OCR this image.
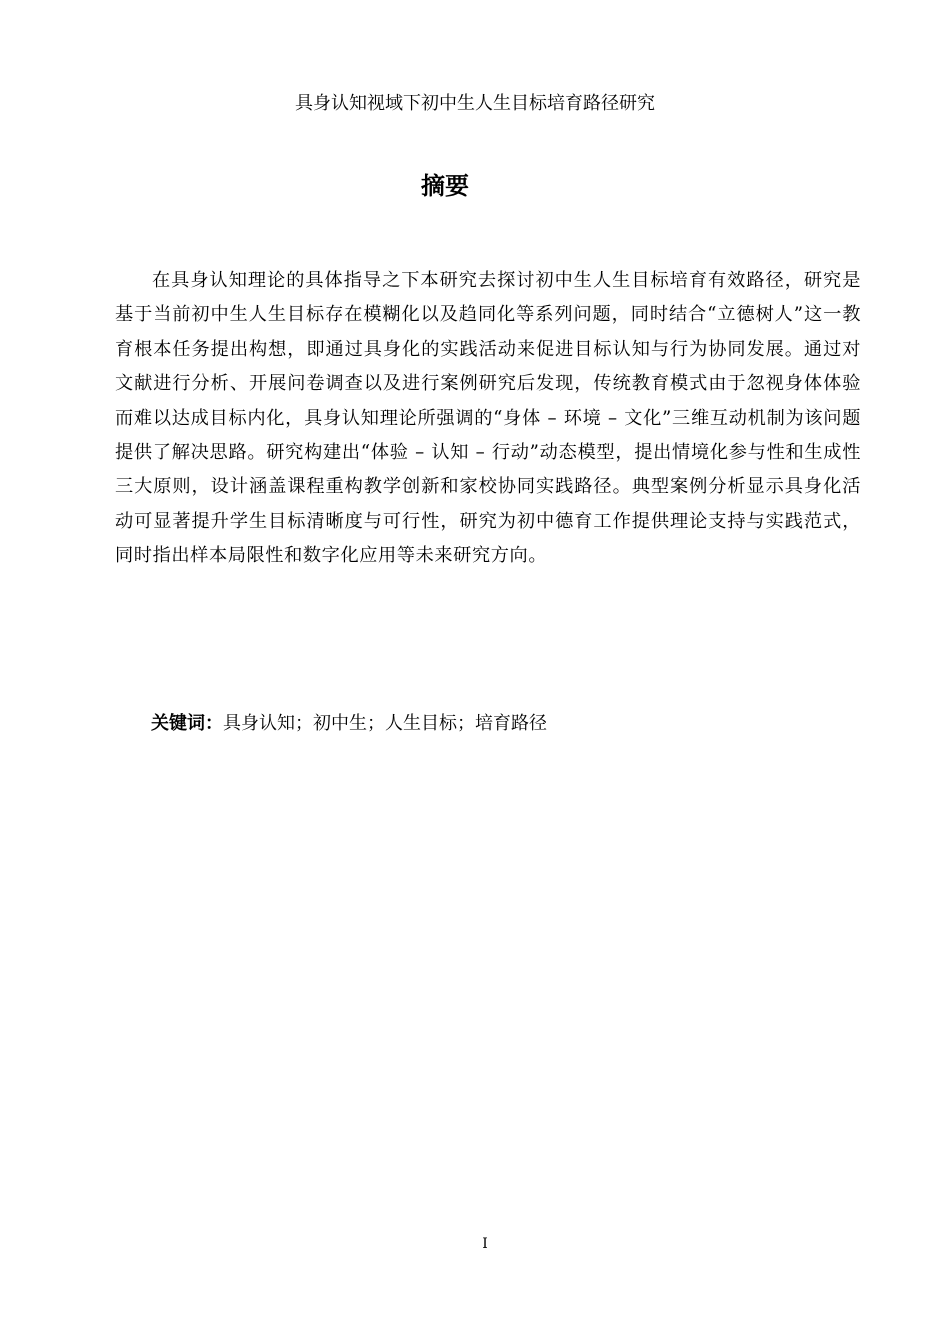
具身认知视域下初中生人生目标培育路径研究
摘要

在具身认知理论的具体指导之下本研究去探讨初中生人生目标培育有效路径，研究是基于当前初中生人生目标存在模糊化以及趋同化等系列问题，同时结合“立德树人”这一教育根本任务提出构想，即通过具身化的实践活动来促进目标认知与行为协同发展。通过对文献进行分析、开展问卷调查以及进行案例研究后发现，传统教育模式由于忽视身体体验而难以达成目标内化，具身认知理论所强调的“身体 – 环境 – 文化”三维互动机制为该问题提供了解决思路。研究构建出“体验 – 认知 – 行动”动态模型，提出情境化参与性和生成性三大原则，设计涵盖课程重构教学创新和家校协同实践路径。典型案例分析显示具身化活动可显著提升学生目标清晰度与可行性，研究为初中德育工作提供理论支持与实践范式，同时指出样本局限性和数字化应用等未来研究方向。

关键词：具身认知；初中生；人生目标；培育路径
I
